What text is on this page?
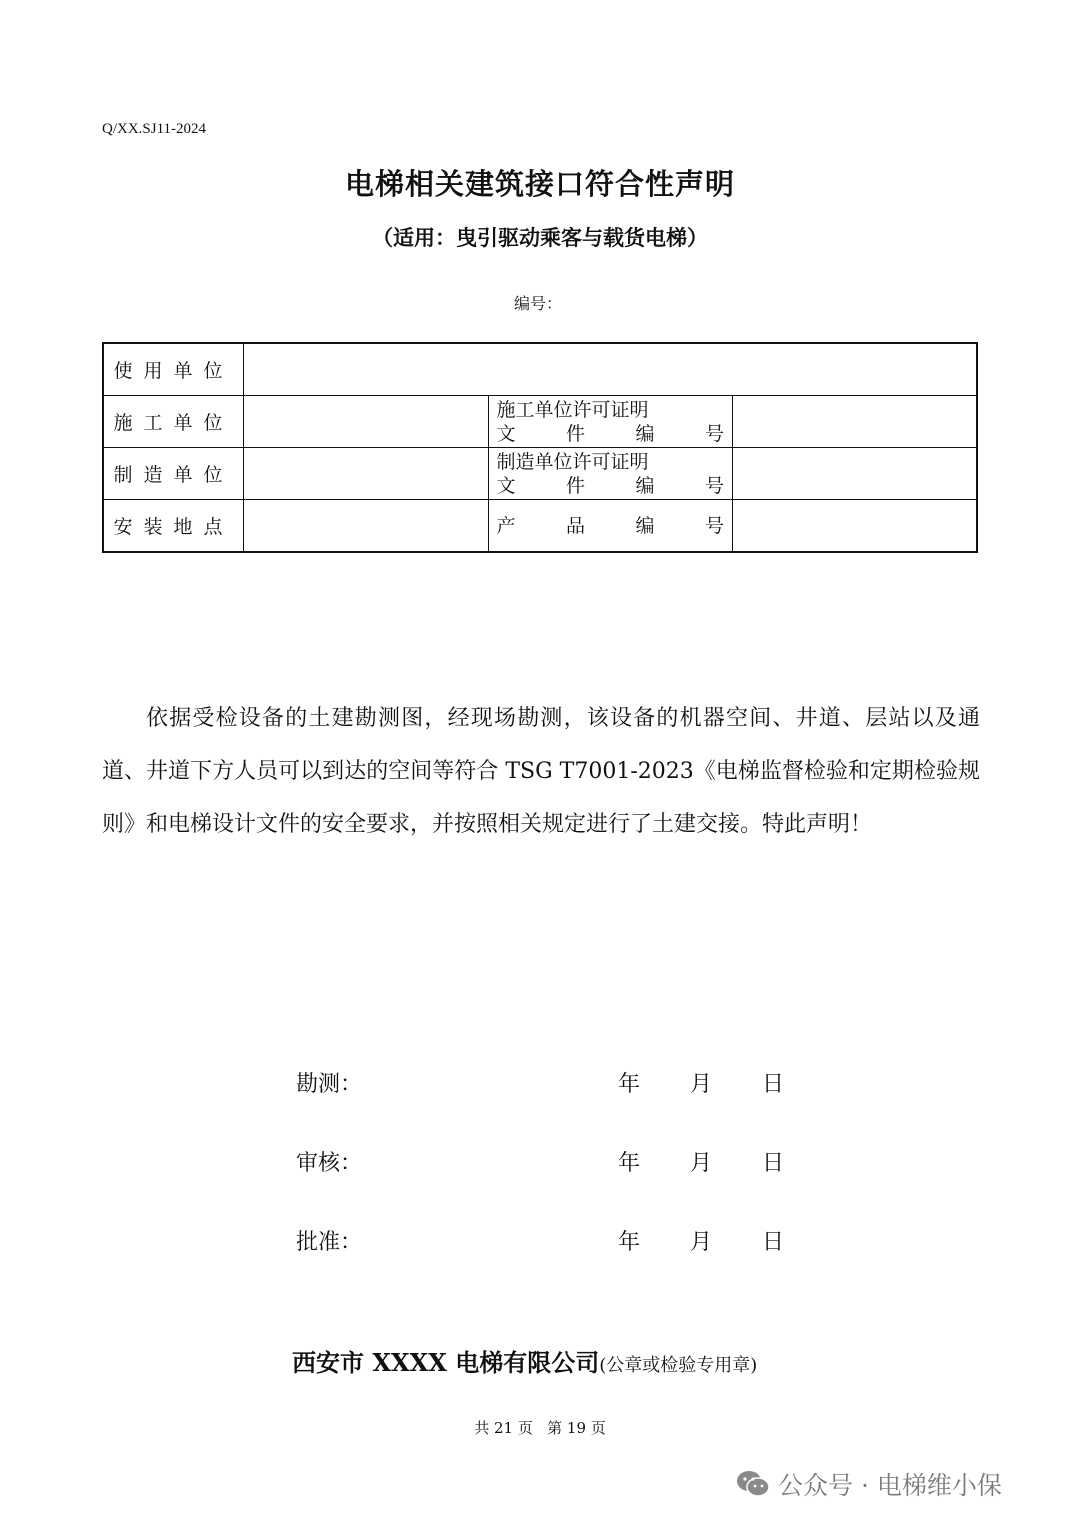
Q/XX.SJ11-2024
电梯相关建筑接口符合性声明
（适用：曳引驱动乘客与载货电梯）
编号：
使用单位			
施工单位		施工单位许可证明
文件编号	

制造单位		制造单位许可证明
文件编号	

安装地点		产品编号	
依据受检设备的土建勘测图，经现场勘测，该设备的机器空间、井道、层站以及通道、井道下方人员可以到达的空间等符合 TSG T7001-2023《电梯监督检验和定期检验规则》和电梯设计文件的安全要求，并按照相关规定进行了土建交接。特此声明！
勘测：	年 月 日
审核：	年 月 日
批准：	年 月 日
西安市 XXXX 电梯有限公司(公章或检验专用章)
共 21 页   第 19 页
公众号 · 电梯维小保
